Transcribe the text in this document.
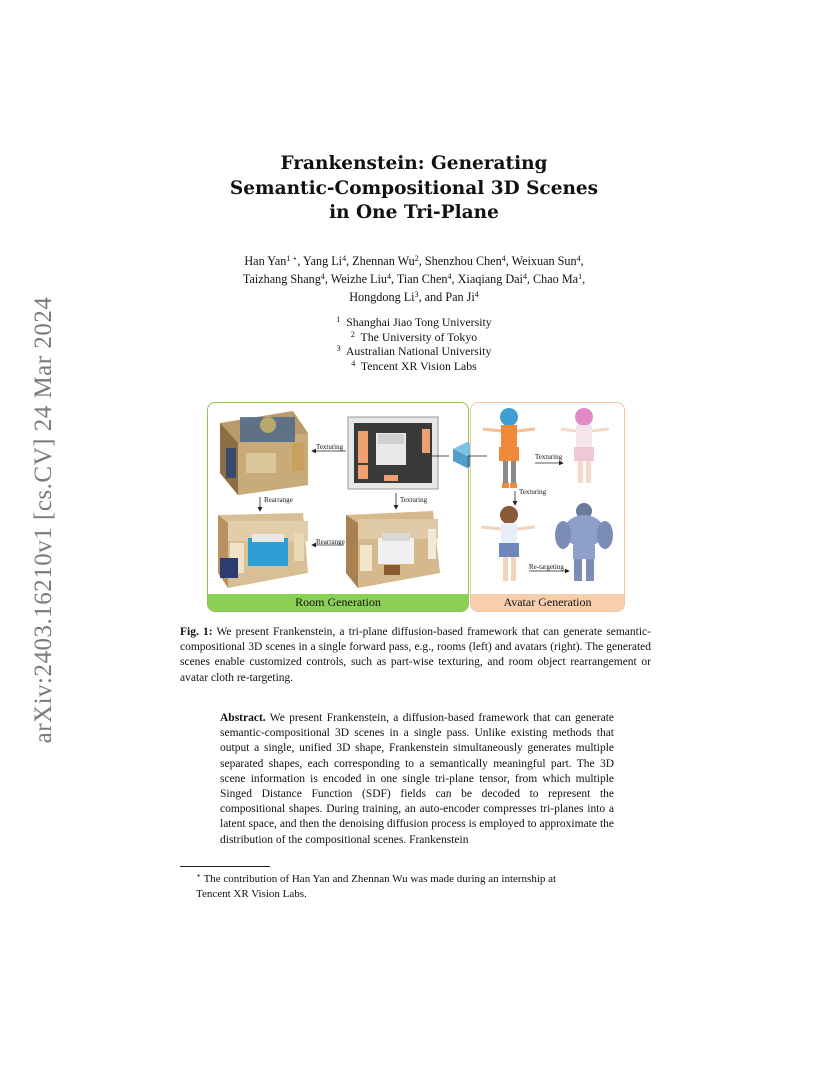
arXiv:2403.16210v1 [cs.CV] 24 Mar 2024
Frankenstein: Generating
Semantic-Compositional 3D Scenes
in One Tri-Plane
Han Yan$^{1 ⋆}$, Yang Li$^4$, Zhennan Wu$^2$, Shenzhou Chen$^4$, Weixuan Sun$^4$,
Taizhang Shang$^4$, Weizhe Liu$^4$, Tian Chen$^4$, Xiaqiang Dai$^4$, Chao Ma$^1$,
Hongdong Li$^3$, and Pan Ji$^4$
$^1$ Shanghai Jiao Tong University
$^2$ The University of Tokyo
$^3$ Australian National University
$^4$ Tencent XR Vision Labs
Texturing
Rearrange	Texturing
Rearrange
Room Generation
Texturing
Texturing
Re-targeting
Avatar Generation
Fig. 1: We present Frankenstein, a tri-plane diffusion-based framework that can generate semantic-compositional 3D scenes in a single forward pass, e.g., rooms (left) and avatars (right). The generated scenes enable customized controls, such as part-wise texturing, and room object rearrangement or avatar cloth re-targeting.
Abstract. We present Frankenstein, a diffusion-based framework that can generate semantic-compositional 3D scenes in a single pass. Unlike existing methods that output a single, unified 3D shape, Frankenstein simultaneously generates multiple separated shapes, each corresponding to a semantically meaningful part. The 3D scene information is encoded in one single tri-plane tensor, from which multiple Singed Distance Function (SDF) fields can be decoded to represent the compositional shapes. During training, an auto-encoder compresses tri-planes into a latent space, and then the denoising diffusion process is employed to approximate the distribution of the compositional scenes. Frankenstein
⋆ The contribution of Han Yan and Zhennan Wu was made during an internship at
Tencent XR Vision Labs.
